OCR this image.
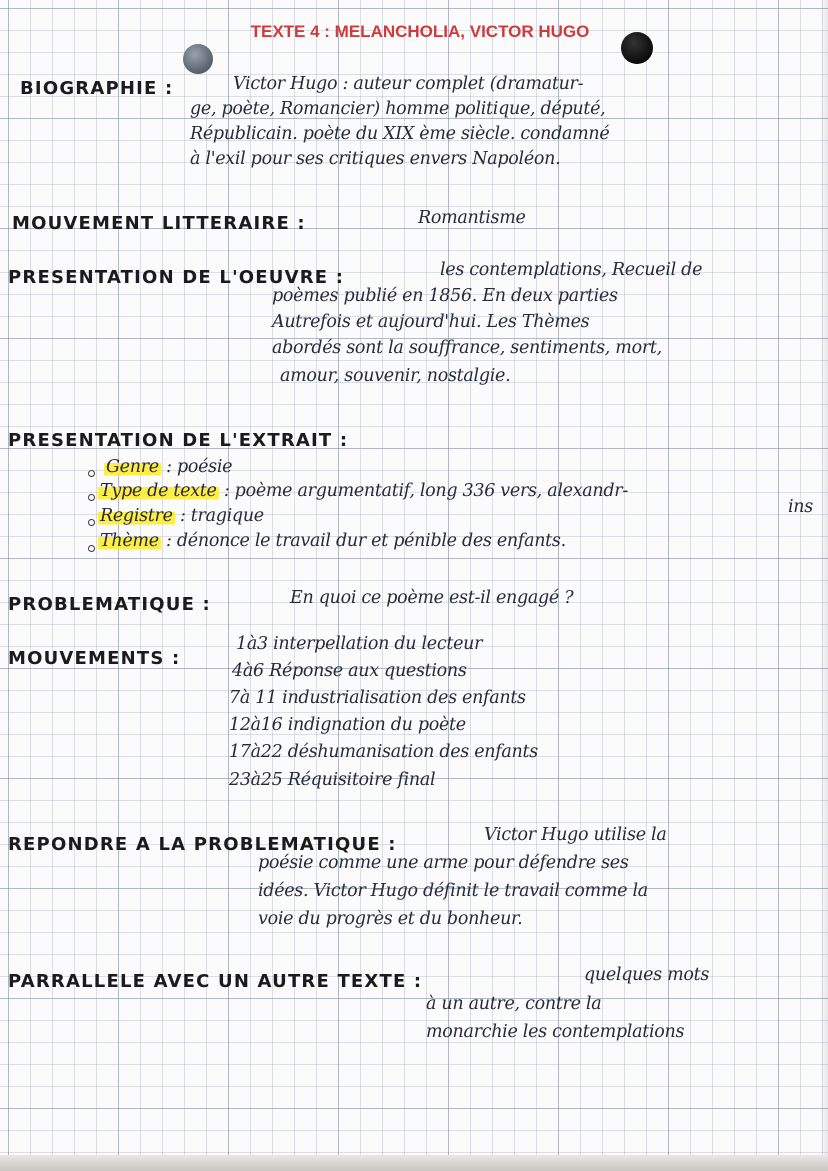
TEXTE 4 : MELANCHOLIA, VICTOR HUGO
BIOGRAPHIE :	Victor Hugo : auteur complet (dramatur-
ge, poète, Romancier) homme politique, député,
Républicain. poète du XIX ème siècle. condamné
à l'exil pour ses critiques envers Napoléon.
MOUVEMENT LITTERAIRE :	Romantisme
PRESENTATION DE L'OEUVRE :	les contemplations, Recueil de
poèmes publié en 1856. En deux parties
Autrefois et aujourd'hui. Les Thèmes
abordés sont la souffrance, sentiments, mort,
amour, souvenir, nostalgie.
PRESENTATION DE L'EXTRAIT :
Genre : poésie
Type de texte : poème argumentatif, long 336 vers, alexandr-
ins
Registre : tragique
Thème : dénonce le travail dur et pénible des enfants.
PROBLEMATIQUE :	En quoi ce poème est-il engagé ?
MOUVEMENTS :
1à3 interpellation du lecteur
4à6 Réponse aux questions
7à 11 industrialisation des enfants
12à16 indignation du poète
17à22 déshumanisation des enfants
23à25 Réquisitoire final
REPONDRE A LA PROBLEMATIQUE :	Victor Hugo utilise la
poésie comme une arme pour défendre ses
idées. Victor Hugo définit le travail comme la
voie du progrès et du bonheur.
PARRALLELE AVEC UN AUTRE TEXTE :	quelques mots
à un autre, contre la
monarchie les contemplations
